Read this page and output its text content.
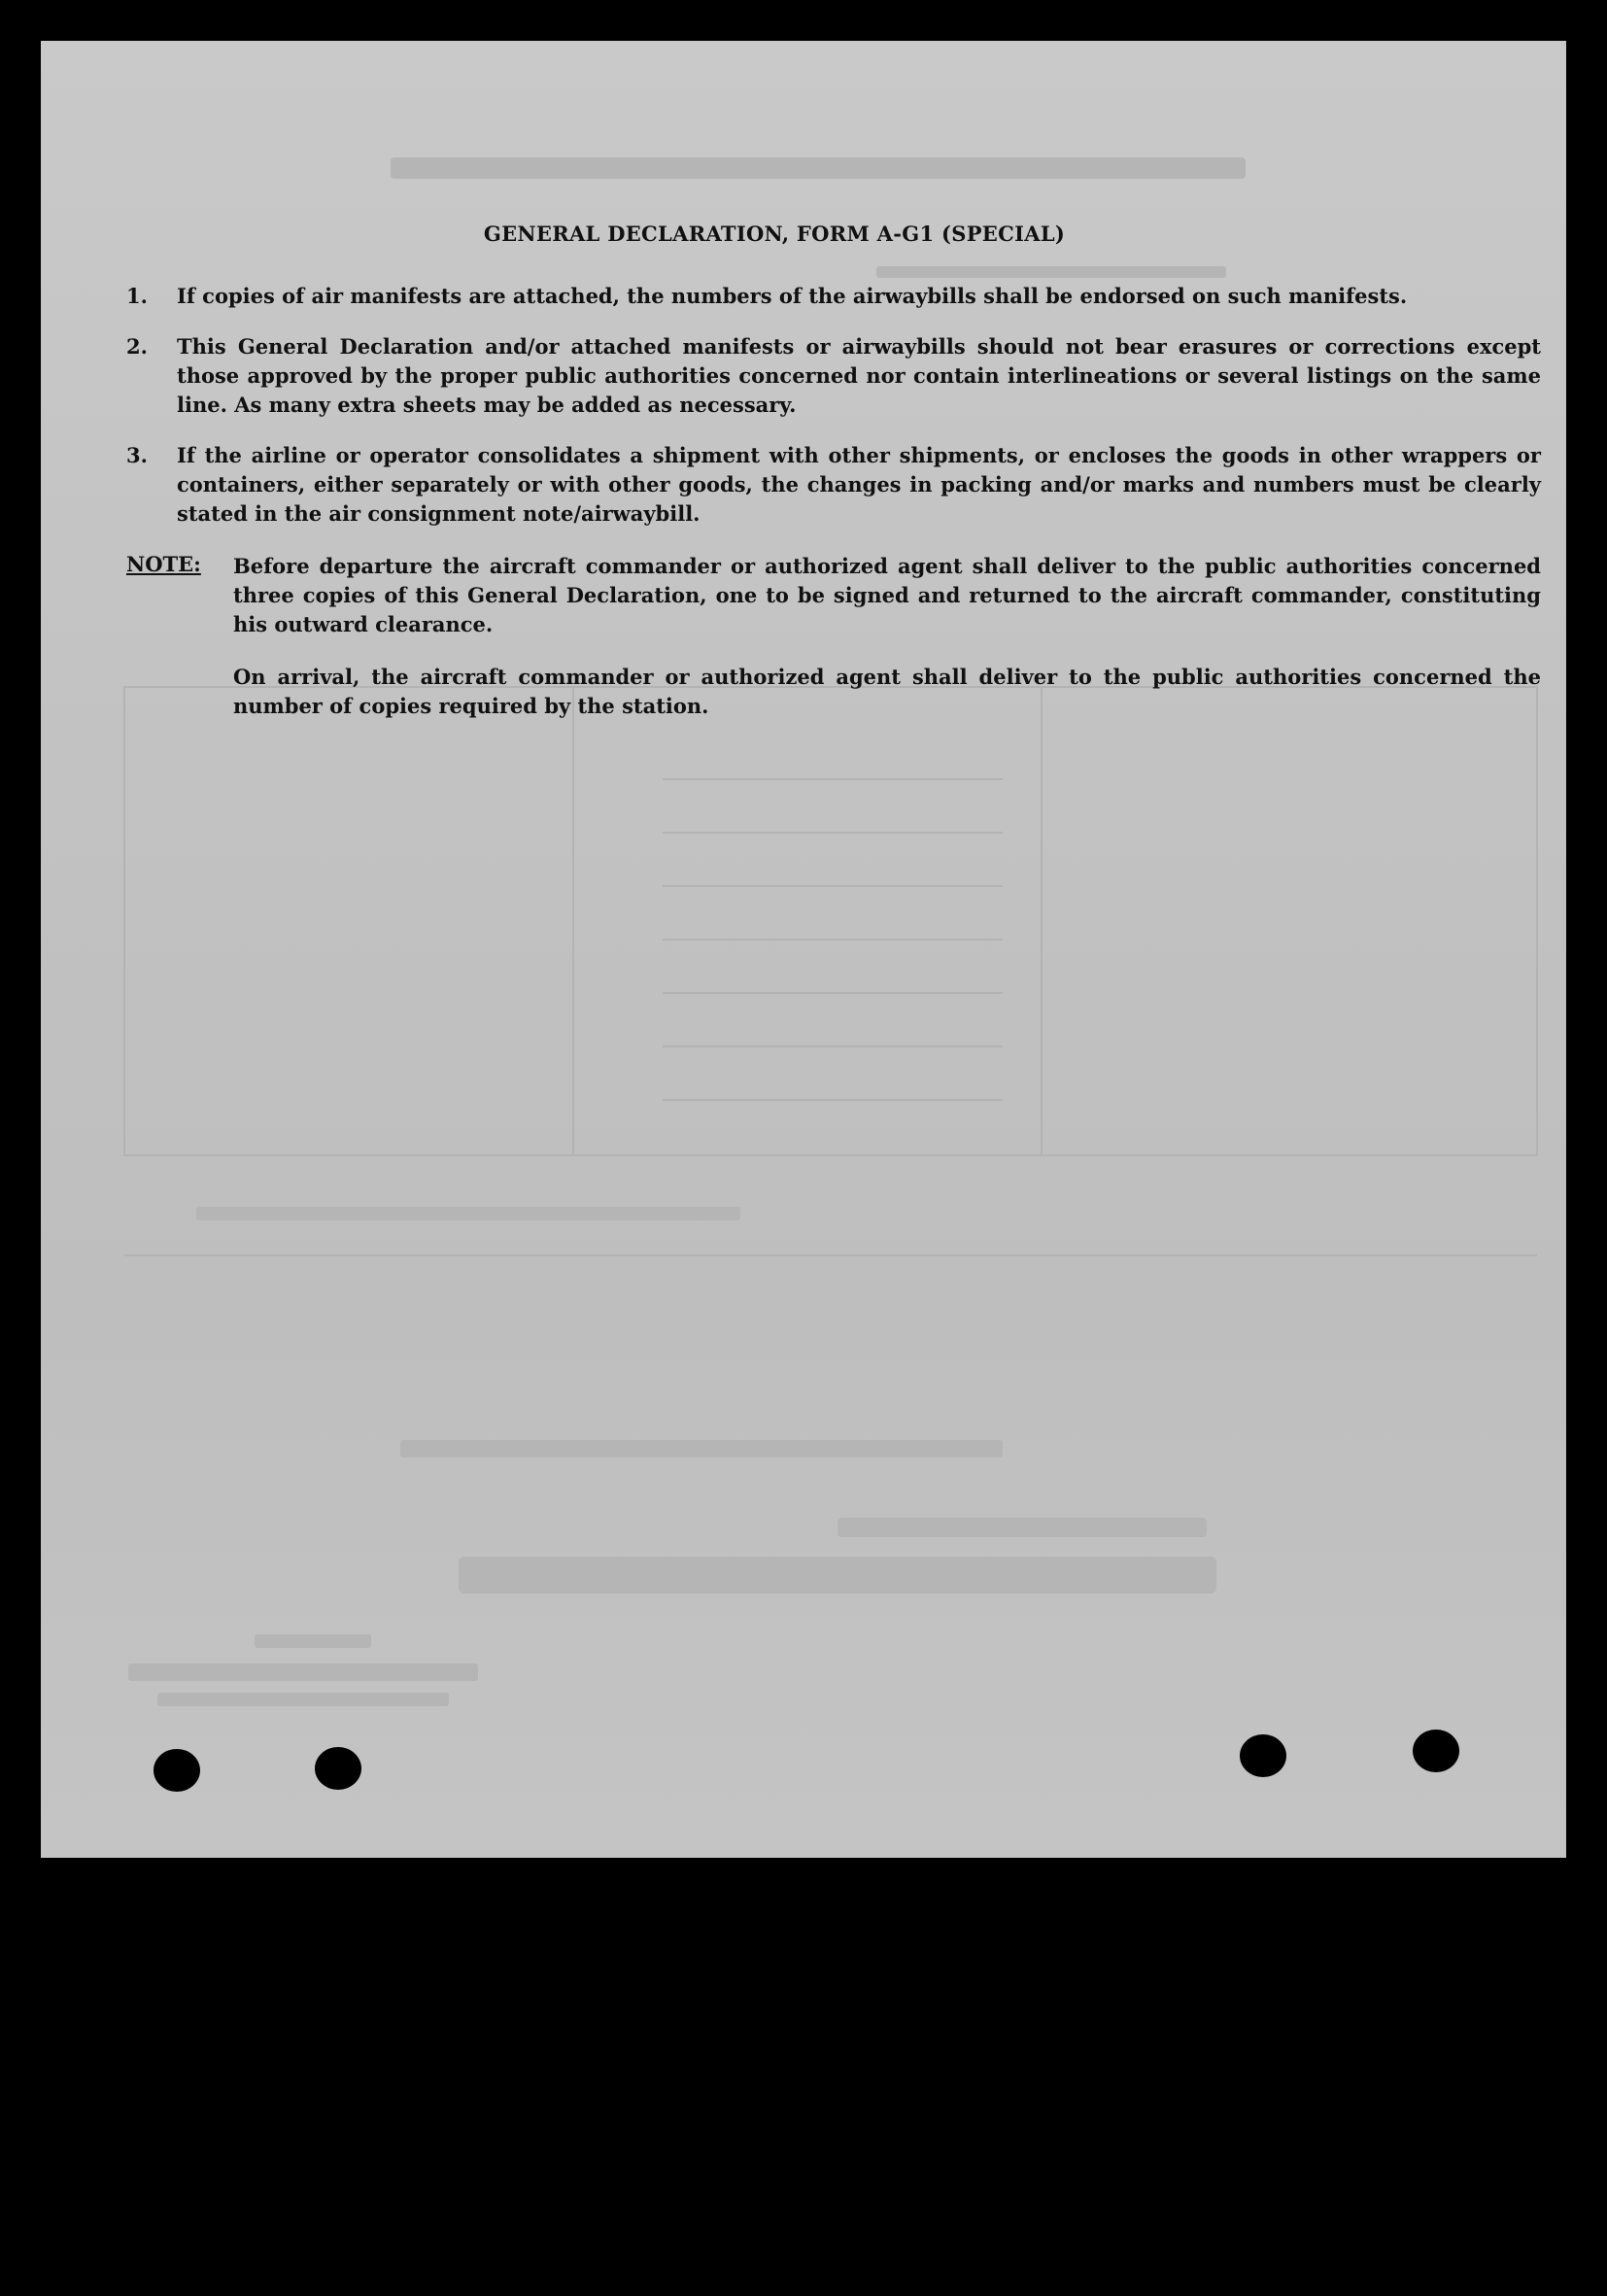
GENERAL DECLARATION, FORM A-G1 (SPECIAL)
1.	If copies of air manifests are attached, the numbers of the airwaybills shall be endorsed on such manifests.
2.	This General Declaration and/or attached manifests or airwaybills should not bear erasures or corrections except those approved by the proper public authorities concerned nor contain interlineations or several listings on the same line. As many extra sheets may be added as necessary.
3.	If the airline or operator consolidates a shipment with other shipments, or encloses the goods in other wrappers or containers, either separately or with other goods, the changes in packing and/or marks and numbers must be clearly stated in the air consignment note/airwaybill.
NOTE: Before departure the aircraft commander or authorized agent shall deliver to the public authorities concerned three copies of this General Declaration, one to be signed and returned to the aircraft commander, constituting his outward clearance.
On arrival, the aircraft commander or authorized agent shall deliver to the public authorities concerned the number of copies required by the station.
